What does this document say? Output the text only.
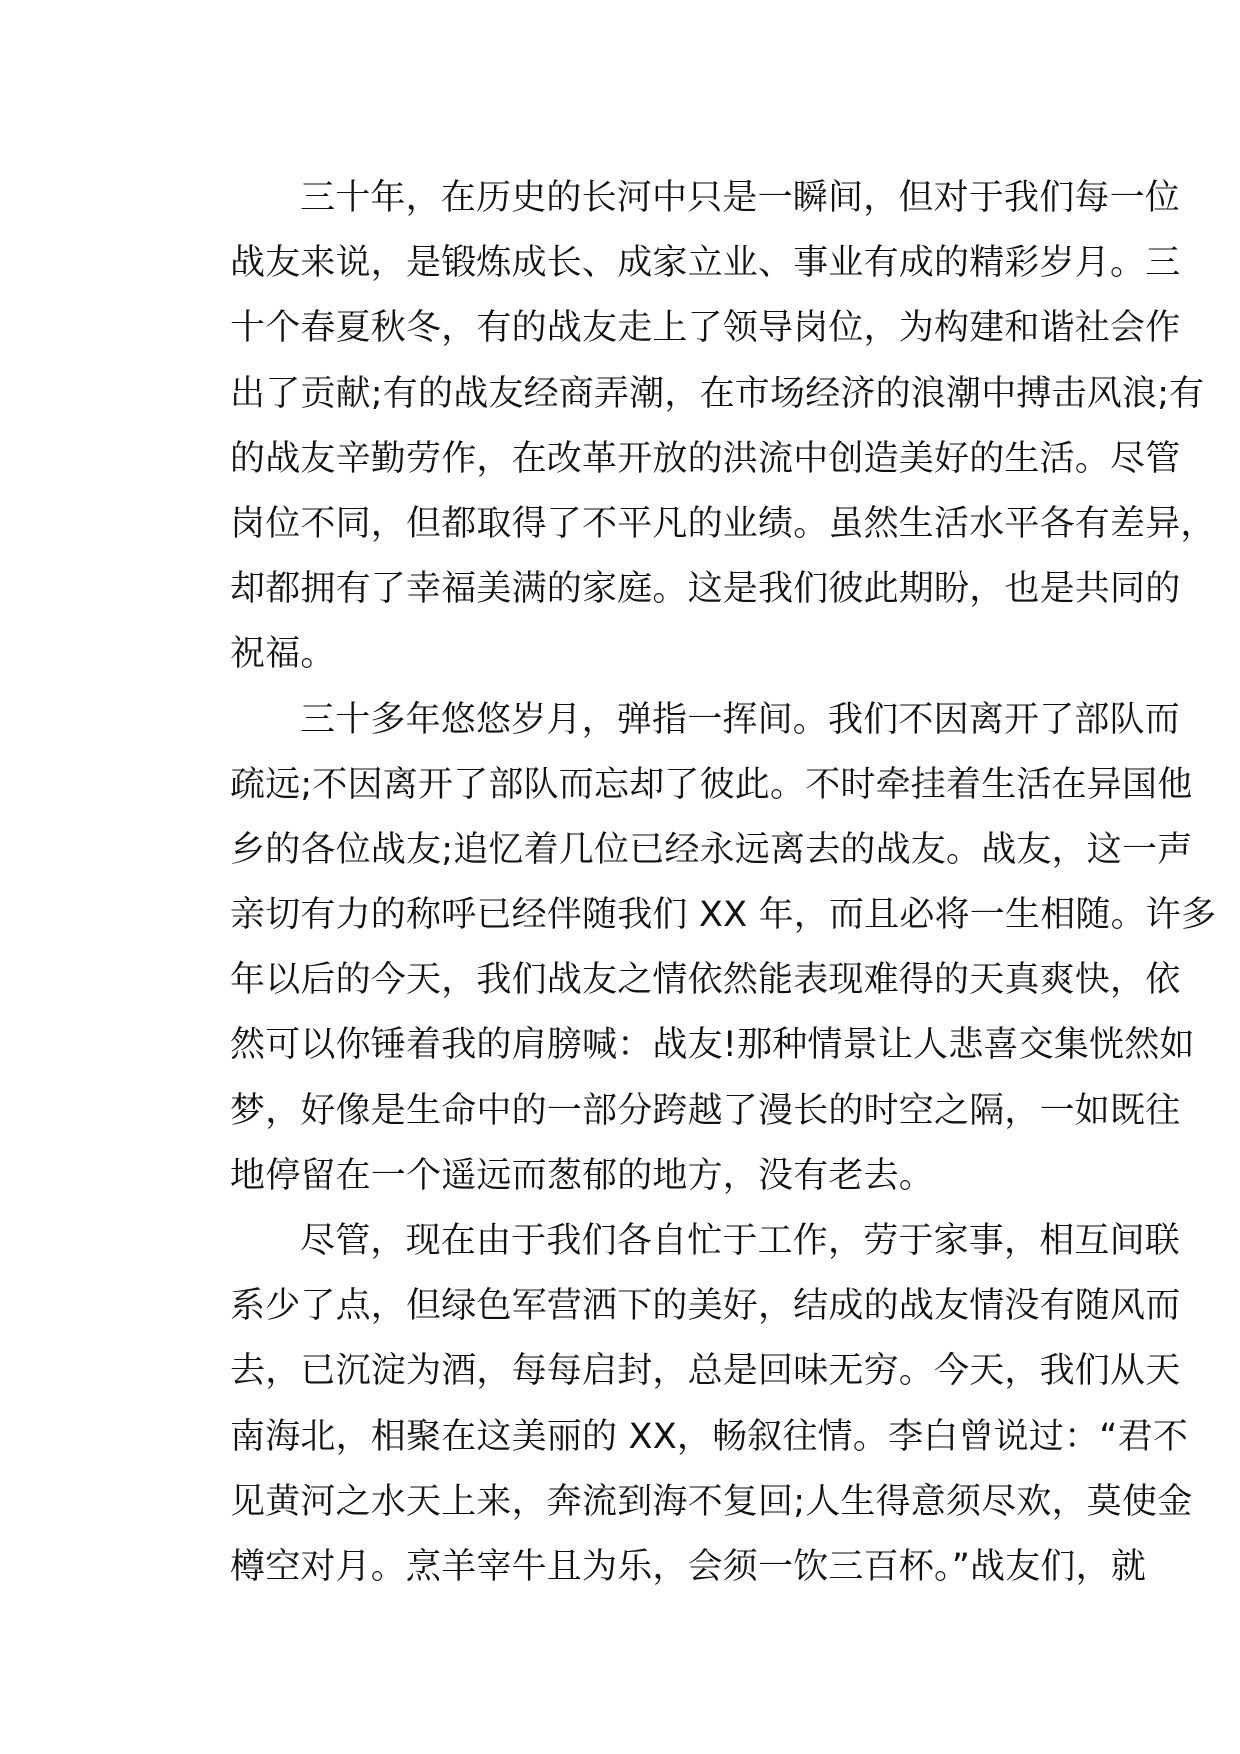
三十年，在历史的长河中只是一瞬间，但对于我们每一位
战友来说，是锻炼成长、成家立业、事业有成的精彩岁月。三
十个春夏秋冬，有的战友走上了领导岗位，为构建和谐社会作
出了贡献;有的战友经商弄潮，在市场经济的浪潮中搏击风浪;有
的战友辛勤劳作，在改革开放的洪流中创造美好的生活。尽管
岗位不同，但都取得了不平凡的业绩。虽然生活水平各有差异，
却都拥有了幸福美满的家庭。这是我们彼此期盼，也是共同的
祝福。
三十多年悠悠岁月，弹指一挥间。我们不因离开了部队而
疏远;不因离开了部队而忘却了彼此。不时牵挂着生活在异国他
乡的各位战友;追忆着几位已经永远离去的战友。战友，这一声
亲切有力的称呼已经伴随我们 XX 年，而且必将一生相随。许多
年以后的今天，我们战友之情依然能表现难得的天真爽快，依
然可以你锤着我的肩膀喊：战友!那种情景让人悲喜交集恍然如
梦，好像是生命中的一部分跨越了漫长的时空之隔，一如既往
地停留在一个遥远而葱郁的地方，没有老去。
尽管，现在由于我们各自忙于工作，劳于家事，相互间联
系少了点，但绿色军营洒下的美好，结成的战友情没有随风而
去，已沉淀为酒，每每启封，总是回味无穷。今天，我们从天
南海北，相聚在这美丽的 XX，畅叙往情。李白曾说过：“君不
见黄河之水天上来，奔流到海不复回;人生得意须尽欢，莫使金
樽空对月。烹羊宰牛且为乐，会须一饮三百杯。”战友们，就
